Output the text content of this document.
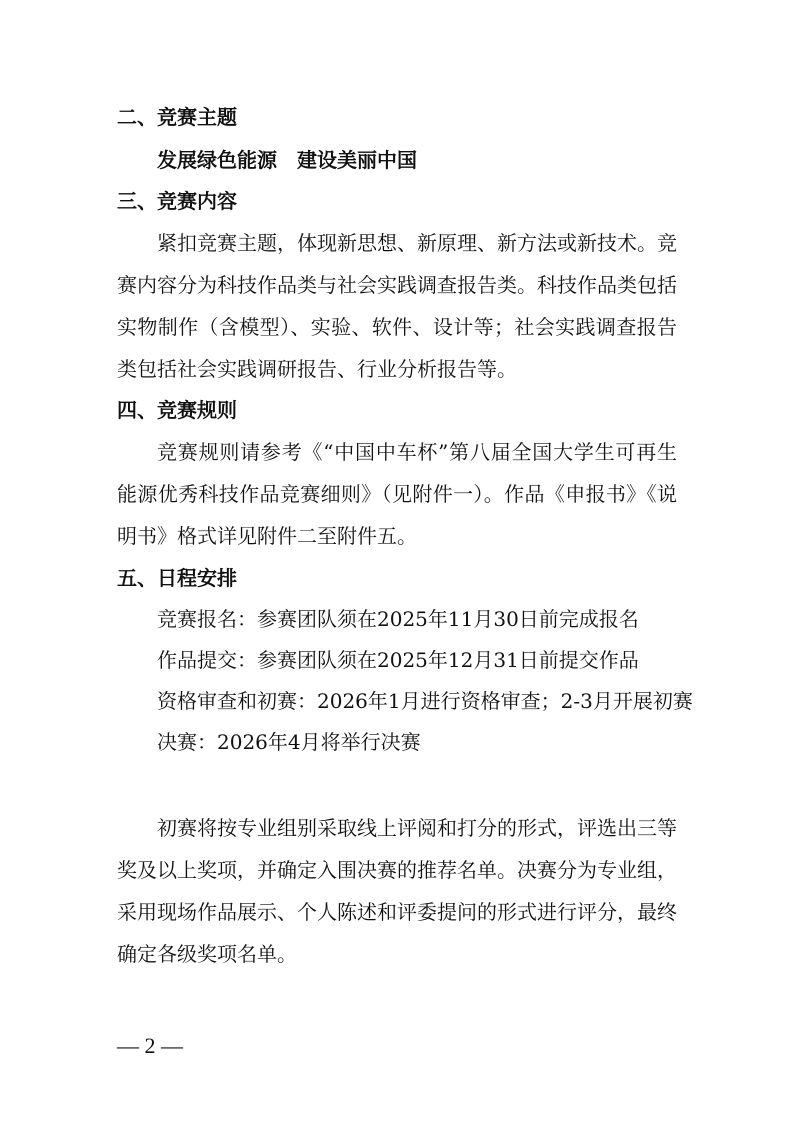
二、竞赛主题
发展绿色能源　建设美丽中国
三、竞赛内容
紧扣竞赛主题，体现新思想、新原理、新方法或新技术。竞
赛内容分为科技作品类与社会实践调查报告类。科技作品类包括
实物制作（含模型）、实验、软件、设计等；社会实践调查报告
类包括社会实践调研报告、行业分析报告等。
四、竞赛规则
竞赛规则请参考《“中国中车杯”第八届全国大学生可再生
能源优秀科技作品竞赛细则》（见附件一）。作品《申报书》《说
明书》格式详见附件二至附件五。
五、日程安排
竞赛报名：参赛团队须在2025年11月30日前完成报名
作品提交：参赛团队须在2025年12月31日前提交作品
资格审查和初赛：2026年1月进行资格审查；2-3月开展初赛
决赛：2026年4月将举行决赛
初赛将按专业组别采取线上评阅和打分的形式，评选出三等
奖及以上奖项，并确定入围决赛的推荐名单。决赛分为专业组，
采用现场作品展示、个人陈述和评委提问的形式进行评分，最终
确定各级奖项名单。
— 2 —
